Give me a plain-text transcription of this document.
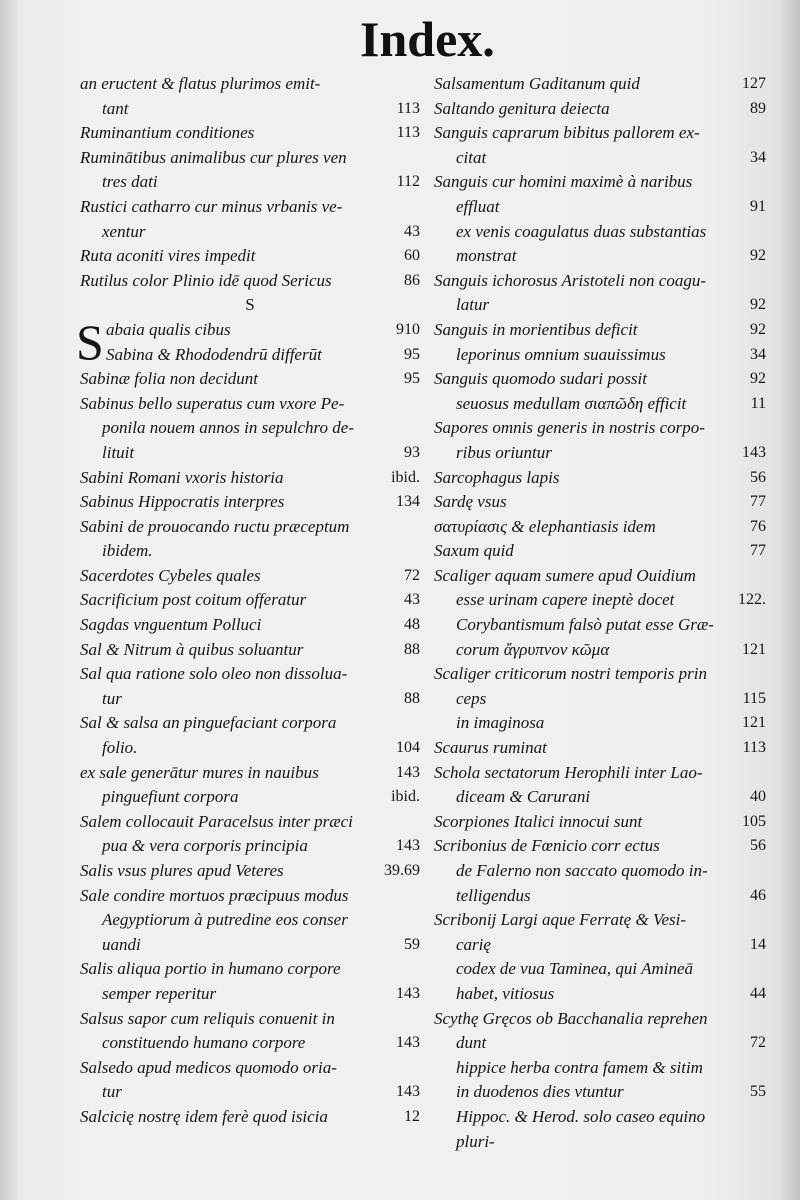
Index.
an eructent & flatus plurimos emit-
tant	113
Ruminantium conditiones	113
Ruminātibus animalibus cur plures ven
tres dati	112
Rustici catharro cur minus vrbanis ve-
xentur	43
Ruta aconiti vires impedit	60
Rutilus color Plinio idē quod Sericus	86
S
S abaia qualis cibus	910
Sabina & Rhododendrū differūt	95
Sabinæ folia non decidunt	95
Sabinus bello superatus cum vxore Pe-
ponila nouem annos in sepulchro de-
lituit	93
Sabini Romani vxoris historia	ibid.
Sabinus Hippocratis interpres	134
Sabini de prouocando ructu præceptum
ibidem.
Sacerdotes Cybeles quales	72
Sacrificium post coitum offeratur	43
Sagdas vnguentum Polluci	48
Sal & Nitrum à quibus soluantur	88
Sal qua ratione solo oleo non dissolua-
tur	88
Sal & salsa an pinguefaciant corpora
folio.	104
ex sale generātur mures in nauibus	143
pinguefiunt corpora	ibid.
Salem collocauit Paracelsus inter præci
pua & vera corporis principia	143
Salis vsus plures apud Veteres	39.69
Sale condire mortuos præcipuus modus
Aegyptiorum à putredine eos conser
uandi	59
Salis aliqua portio in humano corpore
semper reperitur	143
Salsus sapor cum reliquis conuenit in
constituendo humano corpore	143
Salsedo apud medicos quomodo oria-
tur	143
Salcicię nostrę idem ferè quod isicia	12
Salsamentum Gaditanum quid	127
Saltando genitura deiecta	89
Sanguis caprarum bibitus pallorem ex-
citat	34
Sanguis cur homini maximè à naribus
effluat	91
ex venis coagulatus duas substantias
monstrat	92
Sanguis ichorosus Aristoteli non coagu-
latur	92
Sanguis in morientibus deficit	92
leporinus omnium suauissimus	34
Sanguis quomodo sudari possit	92
seuosus medullam σιαπῶδη efficit	11
Sapores omnis generis in nostris corpo-
ribus oriuntur	143
Sarcophagus lapis	56
Sardę vsus	77
σατυρίασις & elephantiasis idem	76
Saxum quid	77
Scaliger aquam sumere apud Ouidium
esse urinam capere ineptè docet	122.
Corybantismum falsò putat esse Græ-
corum ἄγρυπνον κῶμα	121
Scaliger criticorum nostri temporis prin
ceps	115
in imaginosa	121
Scaurus ruminat	113
Schola sectatorum Herophili inter Lao-
diceam & Carurani	40
Scorpiones Italici innocui sunt	105
Scribonius de Fœnicio corr ectus	56
de Falerno non saccato quomodo in-
telligendus	46
Scribonij Largi aque Ferratę & Vesi-
carię	14
codex de vua Taminea, qui Amineā
habet, vitiosus	44
Scythę Gręcos ob Bacchanalia reprehen
dunt	72
hippice herba contra famem & sitim
in duodenos dies vtuntur	55
Hippoc. & Herod. solo caseo equino
pluri-
